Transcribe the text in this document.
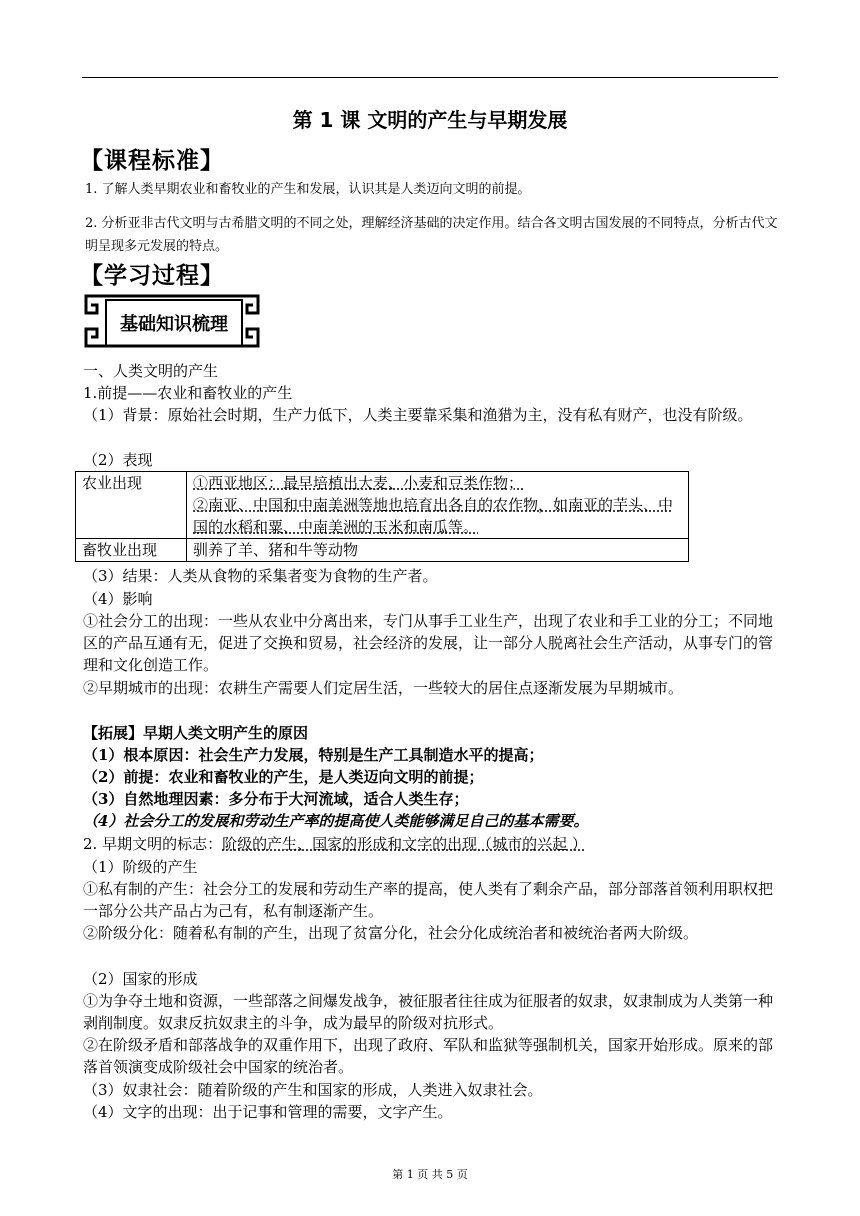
第 1 课 文明的产生与早期发展
【课程标准】
1. 了解人类早期农业和畜牧业的产生和发展，认识其是人类迈向文明的前提。
2. 分析亚非古代文明与古希腊文明的不同之处，理解经济基础的决定作用。结合各文明古国发展的不同特点，分析古代文明呈现多元发展的特点。
【学习过程】
基础知识梳理
一、人类文明的产生
1.前提——农业和畜牧业的产生
（1）背景：原始社会时期，生产力低下，人类主要靠采集和渔猎为主，没有私有财产，也没有阶级。
（2）表现
农业出现	①西亚地区：最早培植出大麦、小麦和豆类作物；
②南亚、中国和中南美洲等地也培育出各自的农作物，如南亚的芋头、中国的水稻和粟、中南美洲的玉米和南瓜等。

畜牧业出现	驯养了羊、猪和牛等动物
（3）结果：人类从食物的采集者变为食物的生产者。
（4）影响
①社会分工的出现：一些从农业中分离出来，专门从事手工业生产，出现了农业和手工业的分工；不同地区的产品互通有无，促进了交换和贸易，社会经济的发展，让一部分人脱离社会生产活动，从事专门的管理和文化创造工作。
②早期城市的出现：农耕生产需要人们定居生活，一些较大的居住点逐渐发展为早期城市。
【拓展】早期人类文明产生的原因
（1）根本原因：社会生产力发展，特别是生产工具制造水平的提高；
（2）前提：农业和畜牧业的产生，是人类迈向文明的前提；
（3）自然地理因素：多分布于大河流域，适合人类生存；
（4）社会分工的发展和劳动生产率的提高使人类能够满足自己的基本需要。
2. 早期文明的标志：阶级的产生、国家的形成和文字的出现（城市的兴起 ）
（1）阶级的产生
①私有制的产生：社会分工的发展和劳动生产率的提高，使人类有了剩余产品，部分部落首领利用职权把一部分公共产品占为己有，私有制逐渐产生。
②阶级分化：随着私有制的产生，出现了贫富分化，社会分化成统治者和被统治者两大阶级。
（2）国家的形成
①为争夺土地和资源，一些部落之间爆发战争，被征服者往往成为征服者的奴隶，奴隶制成为人类第一种剥削制度。奴隶反抗奴隶主的斗争，成为最早的阶级对抗形式。
②在阶级矛盾和部落战争的双重作用下，出现了政府、军队和监狱等强制机关，国家开始形成。原来的部落首领演变成阶级社会中国家的统治者。
（3）奴隶社会：随着阶级的产生和国家的形成，人类进入奴隶社会。
（4）文字的出现：出于记事和管理的需要，文字产生。
第 1 页 共 5 页
